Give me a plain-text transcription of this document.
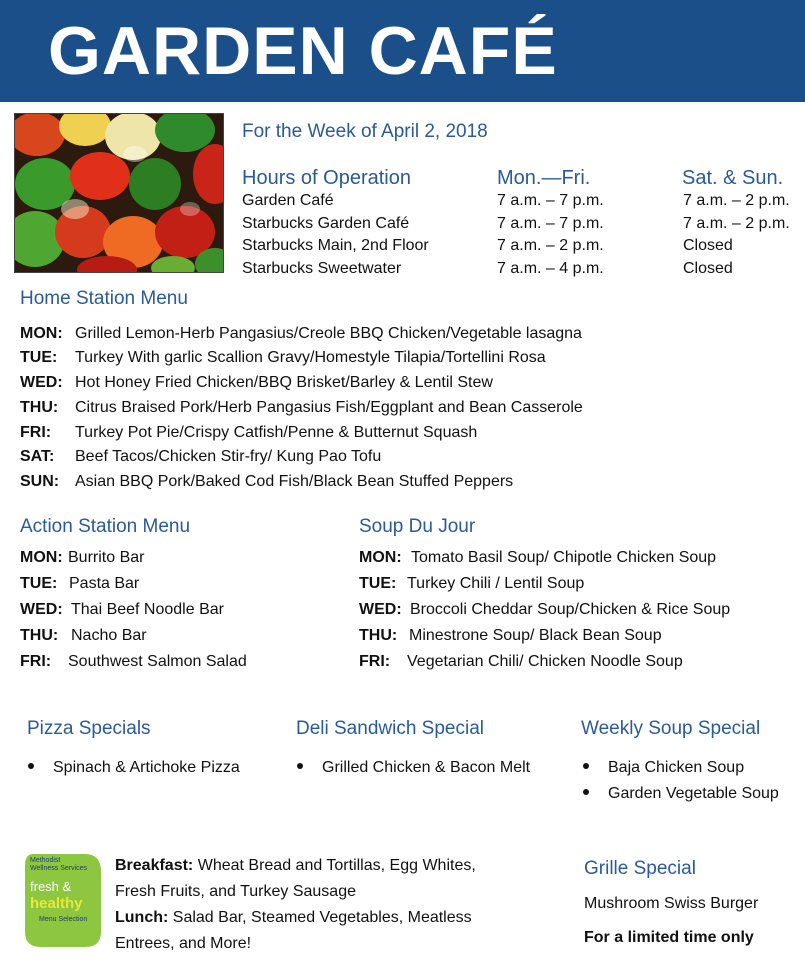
GARDEN CAFÉ
For the Week of April 2, 2018
Hours of Operation	Mon.—Fri.	Sat. & Sun.
Garden Café	7 a.m. – 7 p.m.	7 a.m. – 2 p.m.
Starbucks Garden Café	7 a.m. – 7 p.m.	7 a.m. – 2 p.m.
Starbucks Main, 2nd Floor	7 a.m. – 2 p.m.	Closed
Starbucks Sweetwater	7 a.m. – 4 p.m.	Closed
Home Station Menu
MON: Grilled Lemon-Herb Pangasius/Creole BBQ Chicken/Vegetable lasagna
TUE: Turkey With garlic Scallion Gravy/Homestyle Tilapia/Tortellini Rosa
WED: Hot Honey Fried Chicken/BBQ Brisket/Barley & Lentil Stew
THU: Citrus Braised Pork/Herb Pangasius Fish/Eggplant and Bean Casserole
FRI: Turkey Pot Pie/Crispy Catfish/Penne & Butternut Squash
SAT: Beef Tacos/Chicken Stir-fry/ Kung Pao Tofu
SUN: Asian BBQ Pork/Baked Cod Fish/Black Bean Stuffed Peppers
Action Station Menu
MON: Burrito Bar
TUE: Pasta Bar
WED: Thai Beef Noodle Bar
THU: Nacho Bar
FRI: Southwest Salmon Salad
Soup Du Jour
MON: Tomato Basil Soup/ Chipotle Chicken Soup
TUE: Turkey Chili / Lentil Soup
WED: Broccoli Cheddar Soup/Chicken & Rice Soup
THU: Minestrone Soup/ Black Bean Soup
FRI: Vegetarian Chili/ Chicken Noodle Soup
Pizza Specials
Spinach & Artichoke Pizza
Deli Sandwich Special
Grilled Chicken & Bacon Melt
Weekly Soup Special
Baja Chicken Soup
Garden Vegetable Soup
Methodist
Wellness Services
fresh &
healthy
Menu Selection
Breakfast: Wheat Bread and Tortillas, Egg Whites,
Fresh Fruits, and Turkey Sausage
Lunch: Salad Bar, Steamed Vegetables, Meatless
Entrees, and More!
Grille Special
Mushroom Swiss Burger
For a limited time only
